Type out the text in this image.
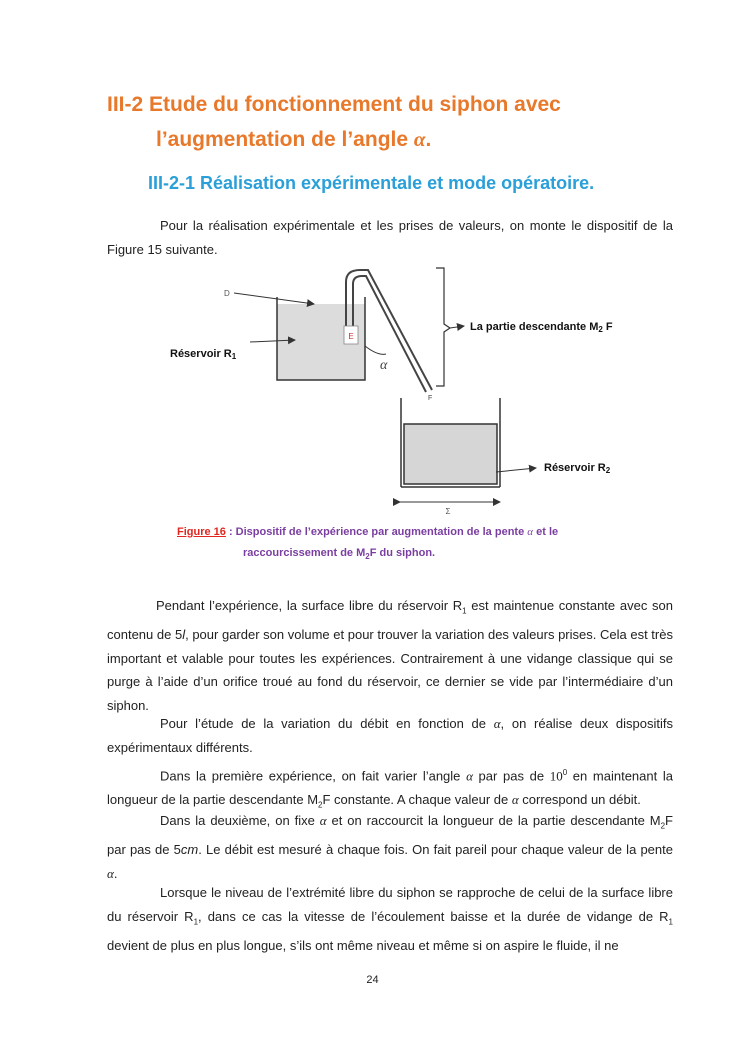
III-2 Etude du fonctionnement du siphon avec
l’augmentation de l’angle α.
III-2-1 Réalisation expérimentale et mode opératoire.

Pour la réalisation expérimentale et les prises de valeurs, on monte le dispositif de la Figure 15 suivante.

E
α
D
Réservoir R1
La partie descendante M2 F
F
Réservoir R2
Σ
Figure 16 : Dispositif de l’expérience par augmentation de la pente α et le
raccourcissement de $M_2F$ du siphon.

Pendant l’expérience, la surface libre du réservoir $R_1$ est maintenue constante avec son contenu de 5l, pour garder son volume et pour trouver la variation des valeurs prises. Cela est très important et valable pour toutes les expériences. Contrairement à une vidange classique qui se purge à l’aide d’un orifice troué au fond du réservoir, ce dernier se vide par l’intermédiaire d’un siphon.

Pour l’étude de la variation du débit en fonction de α, on réalise deux dispositifs expérimentaux différents.

Dans la première expérience, on fait varier l’angle α par pas de $10^0$ en maintenant la longueur de la partie descendante $M_2F$ constante. A chaque valeur de α correspond un débit.

Dans la deuxième, on fixe α et on raccourcit la longueur de la partie descendante $M_2F$ par pas de 5cm. Le débit est mesuré à chaque fois. On fait pareil pour chaque valeur de la pente α.

Lorsque le niveau de l’extrémité libre du siphon se rapproche de celui de la surface libre du réservoir $R_1$, dans ce cas la vitesse de l’écoulement baisse et la durée de vidange de $R_1$ devient de plus en plus longue, s’ils ont même niveau et même si on aspire le fluide, il ne

24
